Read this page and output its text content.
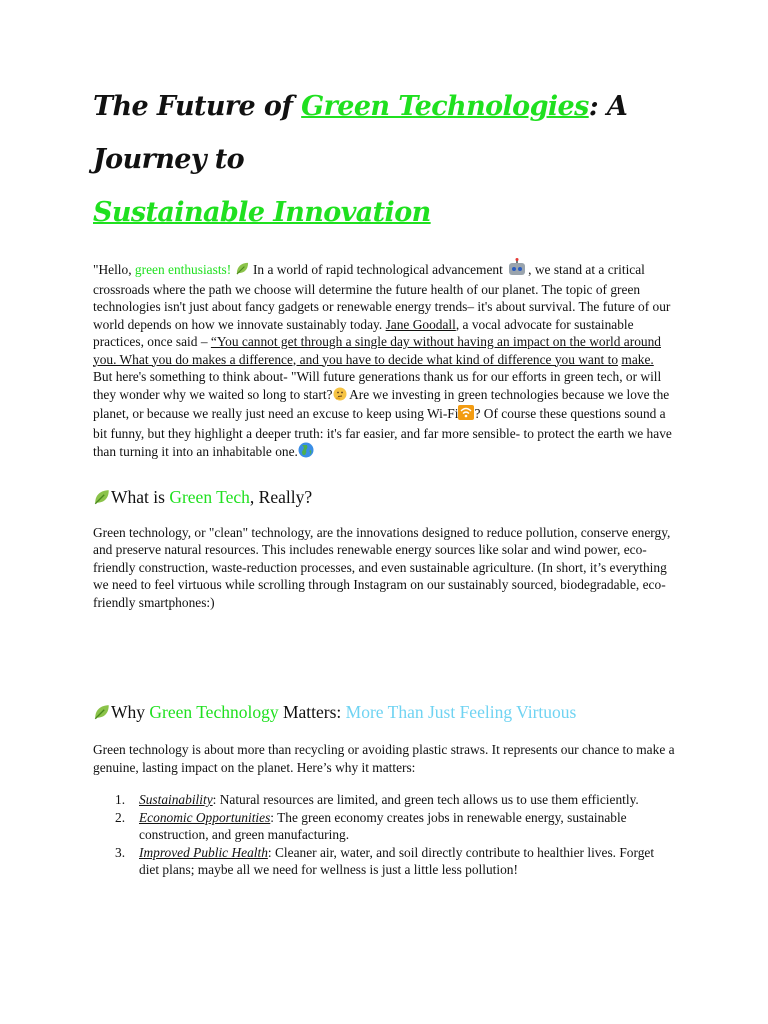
The Future of Green Technologies: A Journey to
Sustainable Innovation

"Hello, green enthusiasts!  In a world of rapid technological advancement , we stand at a critical crossroads where the path we choose will determine the future health of our planet. The topic of green technologies isn't just about fancy gadgets or renewable energy trends– it's about survival. The future of our world depends on how we innovate sustainably today. Jane Goodall, a vocal advocate for sustainable practices, once said – “You cannot get through a single day without having an impact on the world around you. What you do makes a difference, and you have to decide what kind of difference you want to make.
But here's something to think about- "Will future generations thank us for our efforts in green tech, or will they wonder why we waited so long to start? Are we investing in green technologies because we love the planet, or because we really just need an excuse to keep using Wi-Fi ? Of course these questions sound a bit funny, but they highlight a deeper truth: it's far easier, and far more sensible- to protect the earth we have than turning it into an inhabitable one.

What is Green Tech, Really?

Green technology, or "clean" technology, are the innovations designed to reduce pollution, conserve energy, and preserve natural resources. This includes renewable energy sources like solar and wind power, eco-friendly construction, waste-reduction processes, and even sustainable agriculture. (In short, it’s everything we need to feel virtuous while scrolling through Instagram on our sustainably sourced, biodegradable, eco-friendly smartphones:)

Why Green Technology Matters: More Than Just Feeling Virtuous

Green technology is about more than recycling or avoiding plastic straws. It represents our chance to make a genuine, lasting impact on the planet. Here’s why it matters:

1. Sustainability: Natural resources are limited, and green tech allows us to use them efficiently.
2. Economic Opportunities: The green economy creates jobs in renewable energy, sustainable construction, and green manufacturing.
3. Improved Public Health: Cleaner air, water, and soil directly contribute to healthier lives. Forget diet plans; maybe all we need for wellness is just a little less pollution!
